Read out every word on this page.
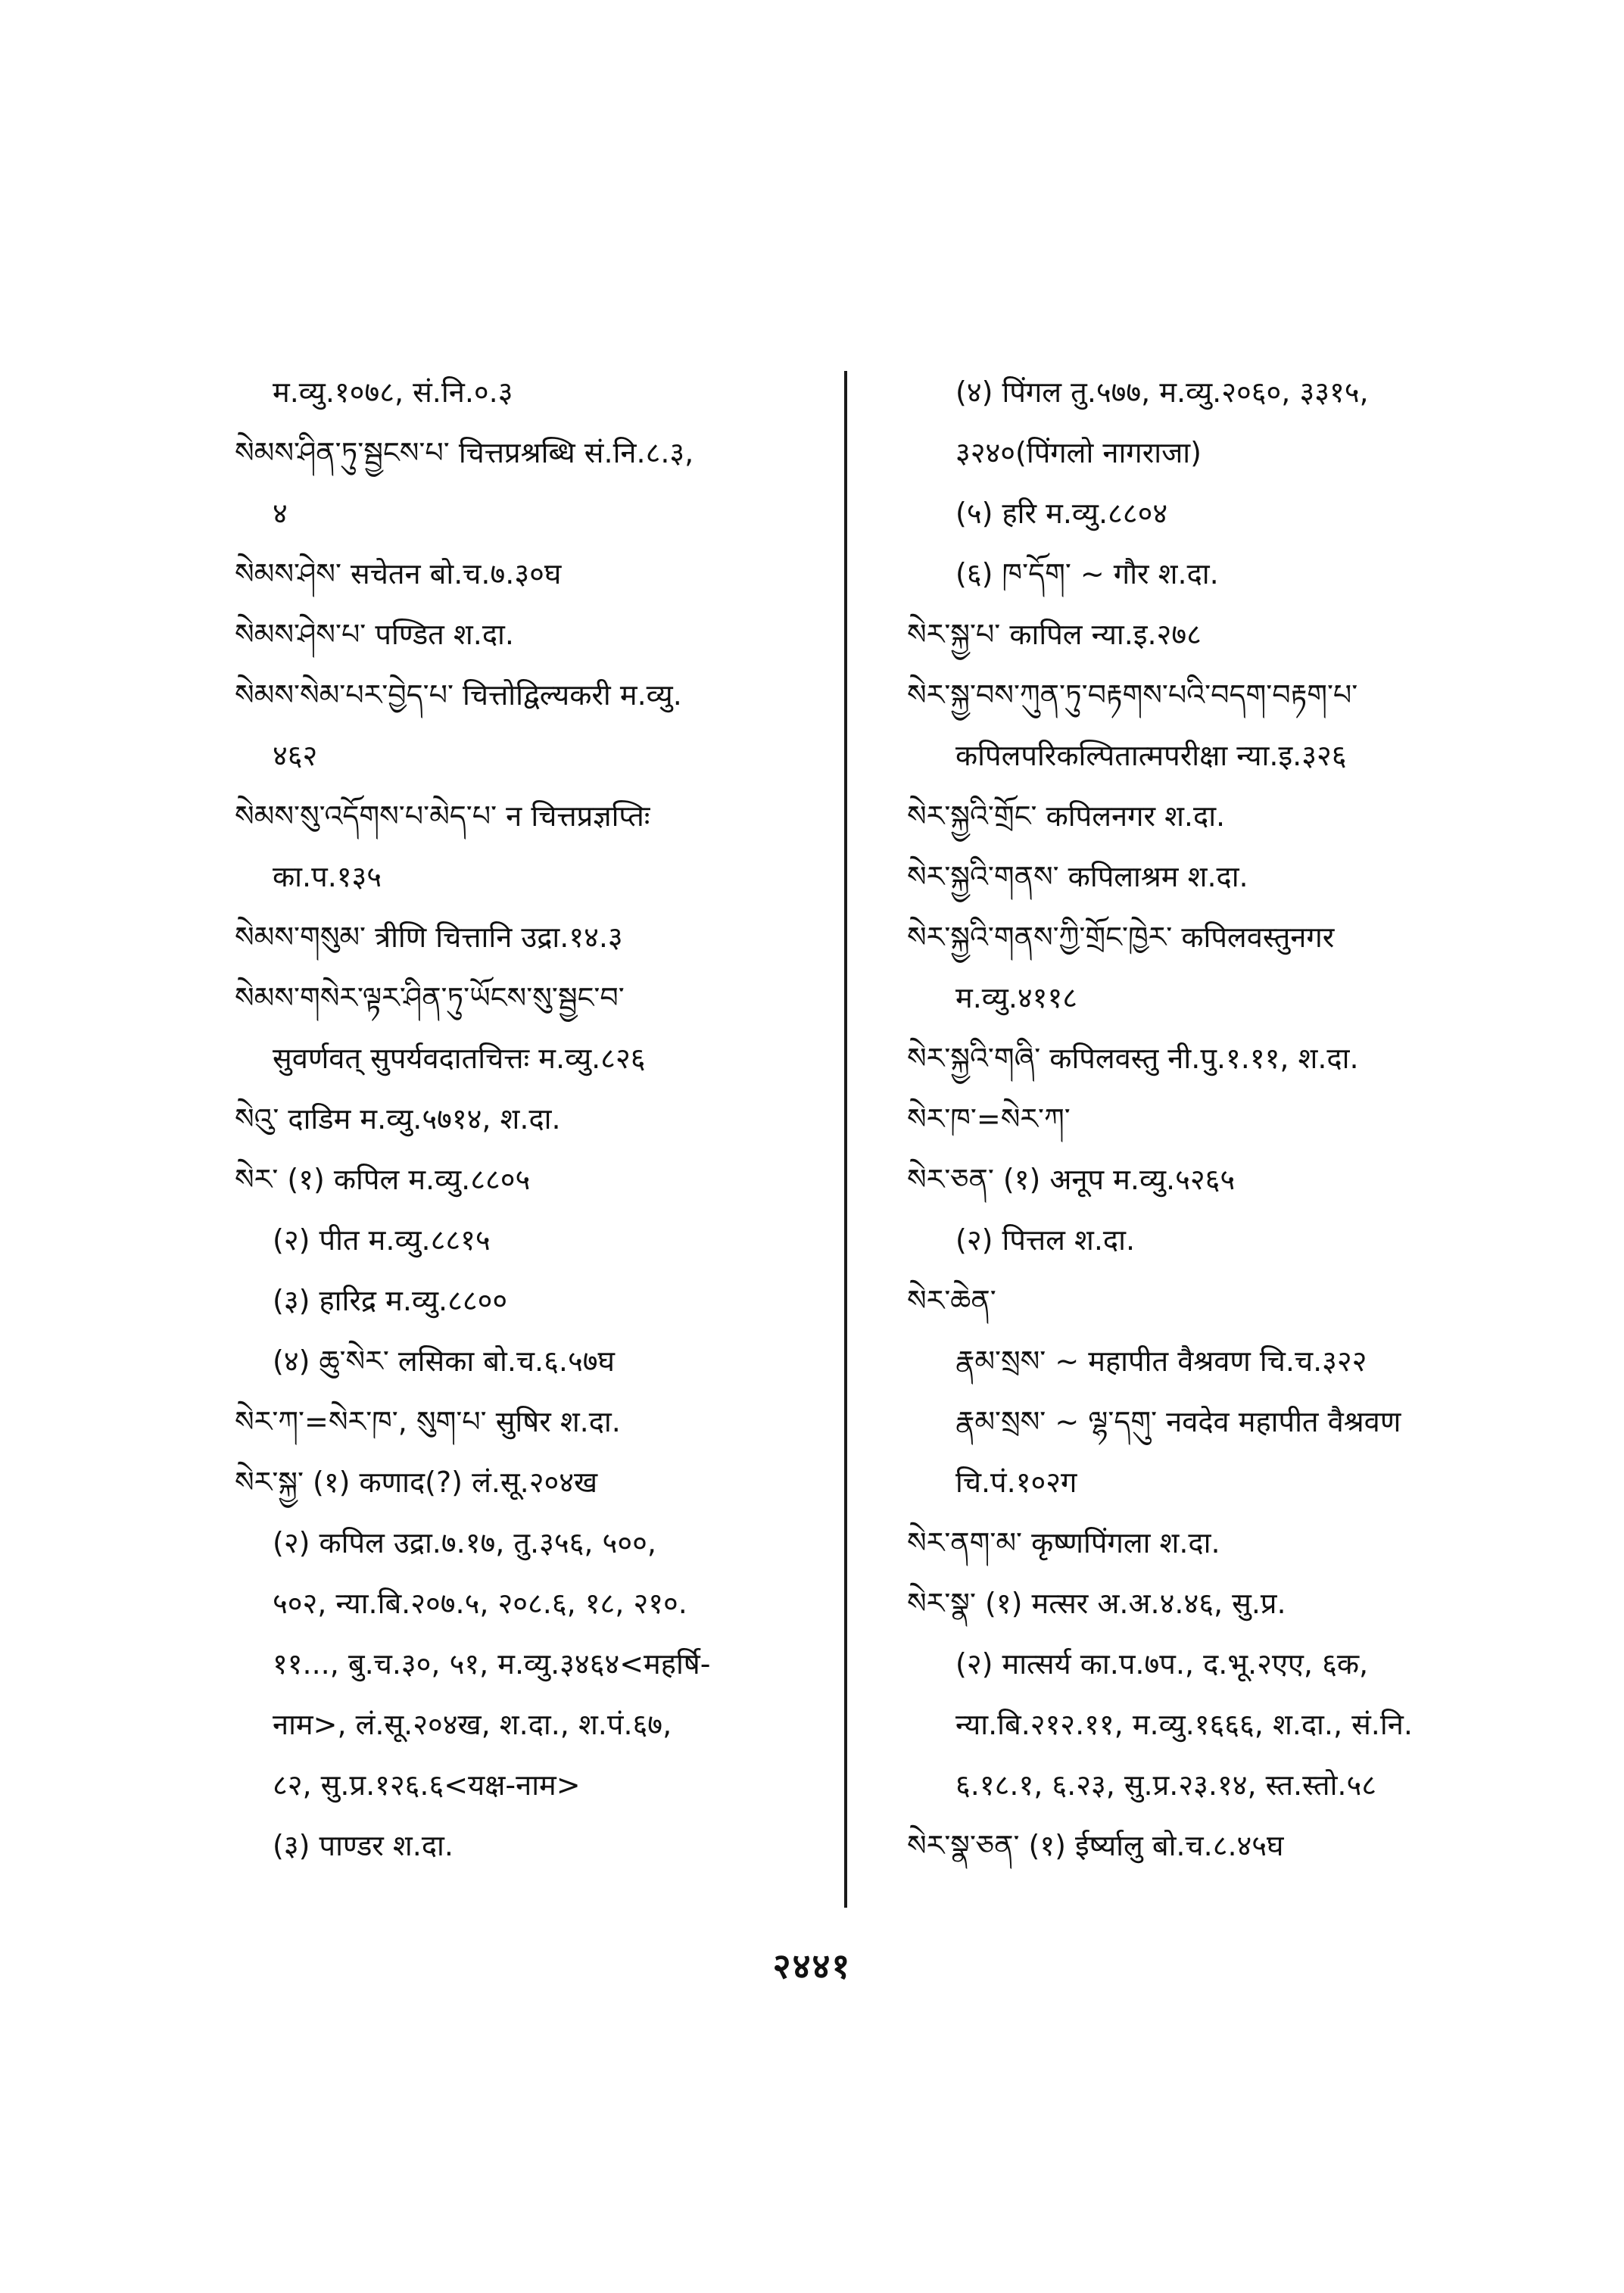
म.व्यु.१०७८, सं.नि.०.३
སེམས་ཤིན་ཏུ་སྦྱངས་པ་ चित्तप्रश्रब्धि सं.नि.८.३,
४
སེམས་ཤེས་ सचेतन बो.च.७.३०घ
སེམས་ཤེས་པ་ पण्डित श.दा.
སེམས་སེམ་པར་བྱེད་པ་ चित्तोद्विल्यकरी म.व्यु.
४६२
སེམས་སུ་འདོགས་པ་མེད་པ་ न चित्तप्रज्ञप्तिः
का.प.१३५
སེམས་གསུམ་ त्रीणि चित्तानि उद्रा.१४.३
སེམས་གསེར་ལྟར་ཤིན་ཏུ་ཡོངས་སུ་སྦྱང་བ་
सुवर्णवत् सुपर्यवदातचित्तः म.व्यु.८२६
སེའུ་ दाडिम म.व्यु.५७१४, श.दा.
སེར་ (१) कपिल म.व्यु.८८०५
(२) पीत म.व्यु.८८१५
(३) हारिद्र म.व्यु.८८००
(४) ཆུ་སེར་ लसिका बो.च.६.५७घ
སེར་ཀ་=སེར་ཁ་, སུག་པ་ सुषिर श.दा.
སེར་སྐྱ་ (१) कणाद(?) लं.सू.२०४ख
(२) कपिल उद्रा.७.१७, तु.३५६, ५००,
५०२, न्या.बि.२०७.५, २०८.६, १८, २१०.
११..., बु.च.३०, ५१, म.व्यु.३४६४<महर्षि-
नाम>, लं.सू.२०४ख, श.दा., श.पं.६७,
८२, सु.प्र.१२६.६<यक्ष-नाम>
(३) पाण्डर श.दा.
(४) पिंगल तु.५७७, म.व्यु.२०६०, ३३१५,
३२४०(पिंगलो नागराजा)
(५) हरि म.व्यु.८८०४
(६) ཁ་དོག་ ~ गौर श.दा.
སེར་སྐྱ་པ་ कापिल न्या.इ.२७८
སེར་སྐྱ་བས་ཀུན་ཏུ་བརྟགས་པའི་བདག་བརྟག་པ་
कपिलपरिकल्पितात्मपरीक्षा न्या.इ.३२६
སེར་སྐྱའི་གྲོང་ कपिलनगर श.दा.
སེར་སྐྱའི་གནས་ कपिलाश्रम श.दा.
སེར་སྐྱའི་གནས་ཀྱི་གྲོང་ཁྱེར་ कपिलवस्तुनगर
म.व्यु.४११८
སེར་སྐྱའི་གཞི་ कपिलवस्तु नी.पु.१.११, श.दा.
སེར་ཁ་=སེར་ཀ་
སེར་ཅན་ (१) अनूप म.व्यु.५२६५
(२) पित्तल श.दा.
སེར་ཆེན་
རྣམ་སྲས་ ~ महापीत वैश्रवण चि.च.३२२
རྣམ་སྲས་ ~ ལྷ་དགུ་ नवदेव महापीत वैश्रवण
चि.पं.१०२ग
སེར་ནག་མ་ कृष्णपिंगला श.दा.
སེར་སྣ་ (१) मत्सर अ.अ.४.४६, सु.प्र.
(२) मात्सर्य का.प.७प., द.भू.२एए, ६क,
न्या.बि.२१२.११, म.व्यु.१६६६, श.दा., सं.नि.
६.१८.१, ६.२३, सु.प्र.२३.१४, स्त.स्तो.५८
སེར་སྣ་ཅན་ (१) ईर्ष्यालु बो.च.८.४५घ
२४४१
